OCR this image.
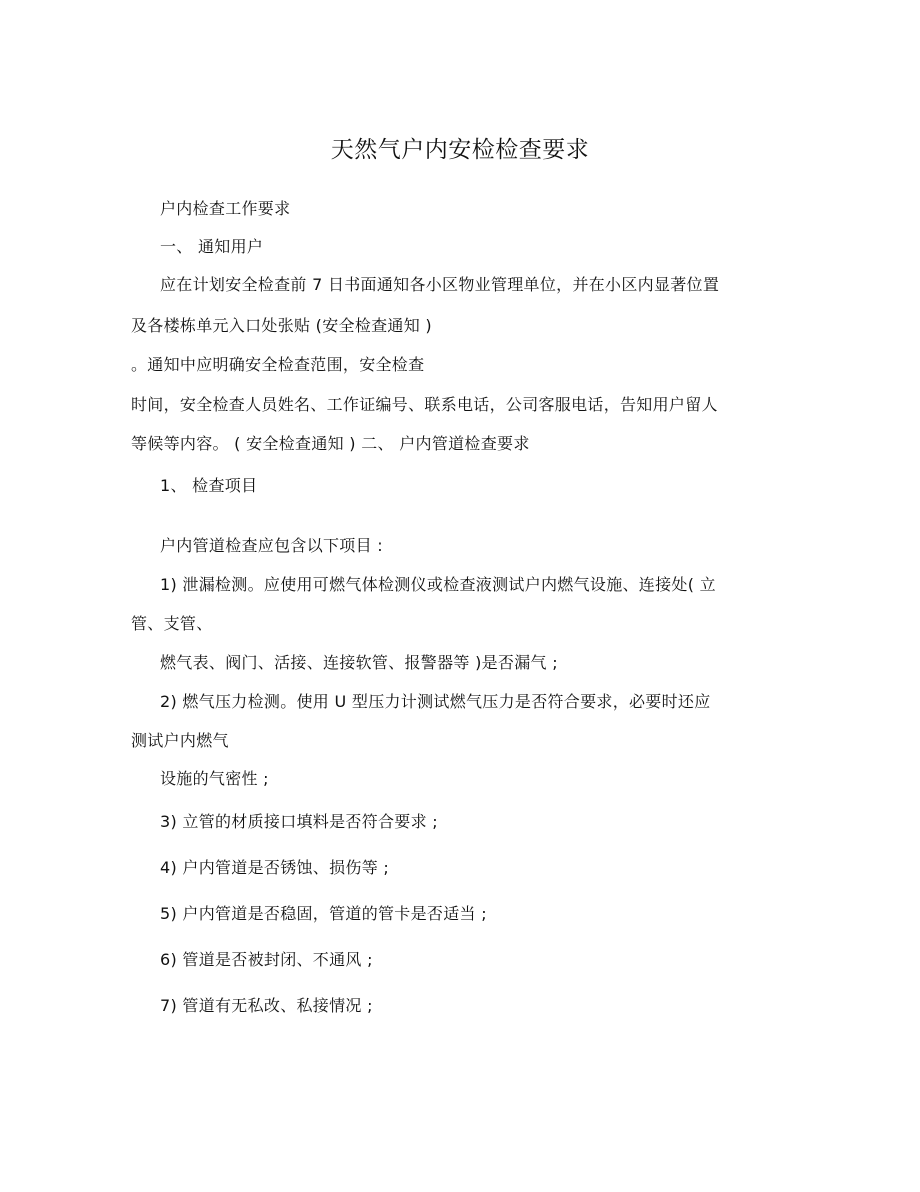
天然气户内安检检查要求
户内检查工作要求
一、 通知用户
应在计划安全检查前 7 日书面通知各小区物业管理单位，并在小区内显著位置
及各楼栋单元入口处张贴 (安全检查通知 )
。通知中应明确安全检查范围，安全检查
时间，安全检查人员姓名、工作证编号、联系电话，公司客服电话，告知用户留人
等候等内容。 ( 安全检查通知 ) 二、 户内管道检查要求
1、 检查项目
户内管道检查应包含以下项目 :
1) 泄漏检测。应使用可燃气体检测仪或检查液测试户内燃气设施、连接处( 立
管、支管、
燃气表、阀门、活接、连接软管、报警器等 )是否漏气 ;
2) 燃气压力检测。使用 U 型压力计测试燃气压力是否符合要求，必要时还应
测试户内燃气
设施的气密性 ;
3) 立管的材质接口填料是否符合要求 ;
4) 户内管道是否锈蚀、损伤等 ;
5) 户内管道是否稳固，管道的管卡是否适当 ;
6) 管道是否被封闭、不通风 ;
7) 管道有无私改、私接情况 ;
